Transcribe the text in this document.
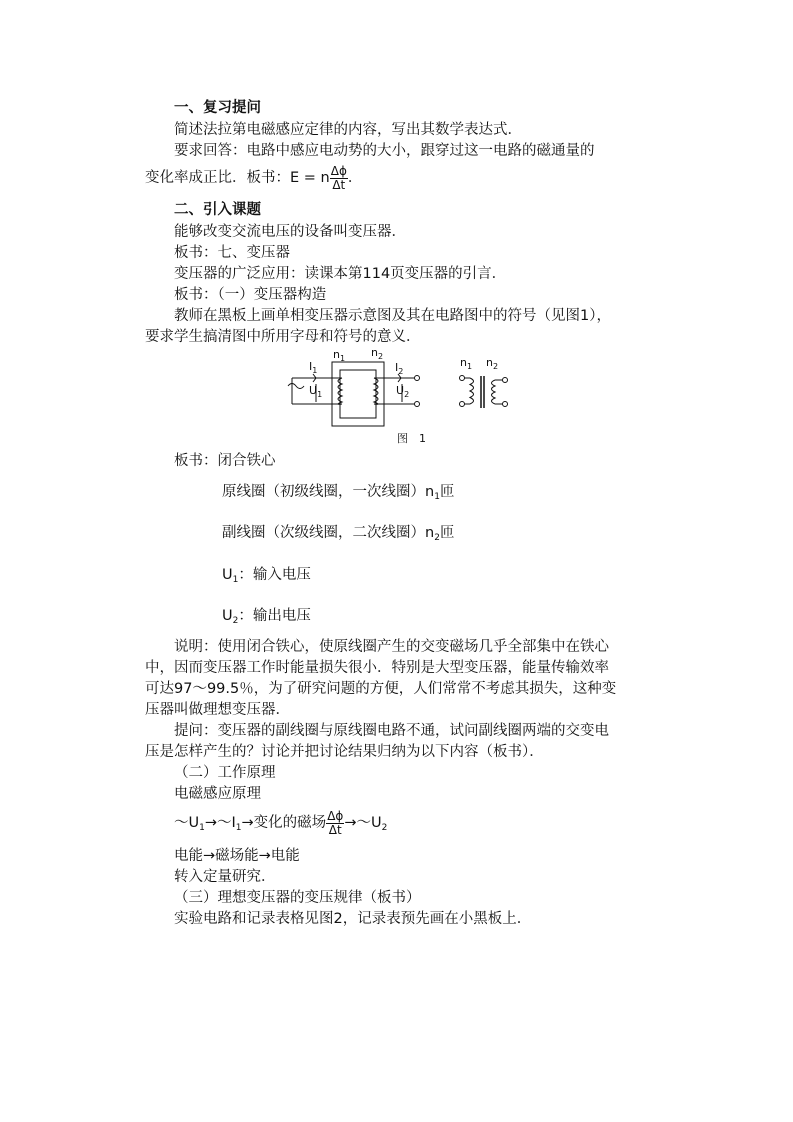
一、复习提问
简述法拉第电磁感应定律的内容，写出其数学表达式．
要求回答：电路中感应电动势的大小，跟穿过这一电路的磁通量的
变化率成正比．板书：E = n $\frac{\Delta\phi}{\Delta t}$ ．
二、引入课题
能够改变交流电压的设备叫变压器．
板书：七、变压器
变压器的广泛应用：读课本第114页变压器的引言．
板书：（一）变压器构造
教师在黑板上画单相变压器示意图及其在电路图中的符号（见图1），
要求学生搞清图中所用字母和符号的意义．
$n_1$ $n_2$
$I_1$	$I_2$
$U_1$	$U_2$
$n_1$ $n_2$
图　1
板书：闭合铁心
原线圈（初级线圈，一次线圈）$n_1$匝
副线圈（次级线圈，二次线圈）$n_2$匝
$U_1$：输入电压
$U_2$：输出电压
说明：使用闭合铁心，使原线圈产生的交变磁场几乎全部集中在铁心
中，因而变压器工作时能量损失很小．特别是大型变压器，能量传输效率
可达97～99.5％，为了研究问题的方便，人们常常不考虑其损失，这种变
压器叫做理想变压器．
提问：变压器的副线圈与原线圈电路不通，试问副线圈两端的交变电
压是怎样产生的？讨论并把讨论结果归纳为以下内容（板书）．
（二）工作原理
电磁感应原理
$\sim U_1\to\sim I_1\to$变化的磁场 $\frac{\Delta\phi}{\Delta t}$ $\to\sim U_2$
电能→磁场能→电能
转入定量研究．
（三）理想变压器的变压规律（板书）
实验电路和记录表格见图2，记录表预先画在小黑板上．
